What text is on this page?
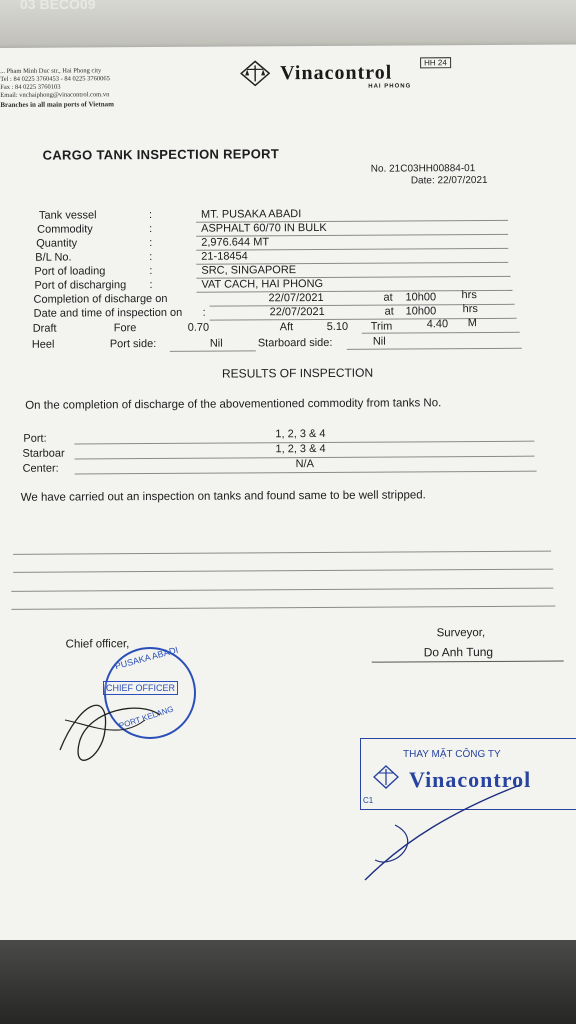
03 BECO09
... Pham Minh Duc str., Hai Phong city
Tel : 84 0225 3760453 - 84 0225 3760065
Fax : 84 0225 3760103
Email: vnchaiphong@vinacontrol.com.vn
Branches in all main ports of Vietnam
Vinacontrol
HAI PHONG
HH 24
CARGO TANK INSPECTION REPORT
No. 21C03HH00884-01
Date: 22/07/2021
Tank vessel	:	MT. PUSAKA ABADI
Commodity	:	ASPHALT 60/70 IN BULK
Quantity	:	2,976.644 MT
B/L No.	:	21-18454
Port of loading	:	SRC, SINGAPORE
Port of discharging :	VAT CACH, HAI PHONG
Completion of discharge on	22/07/2021	at 10h00 hrs
Date and time of inspection on :	22/07/2021	at 10h00 hrs
Draft	Fore	0.70	Aft	5.10 Trim	4.40 M
Heel	Port side:	Nil	Starboard side:	Nil
RESULTS OF INSPECTION
On the completion of discharge of the abovementioned commodity from tanks No.
Port:	1, 2, 3 & 4
Starboar	1, 2, 3 & 4
Center:	N/A
We have carried out an inspection on tanks and found same to be well stripped.
Chief officer,
Surveyor,
Do Anh Tung
PUSAKA ABADI
CHIEF OFFICER
PORT KELANG
THAY MẶT CÔNG TY
Vinacontrol
C1
